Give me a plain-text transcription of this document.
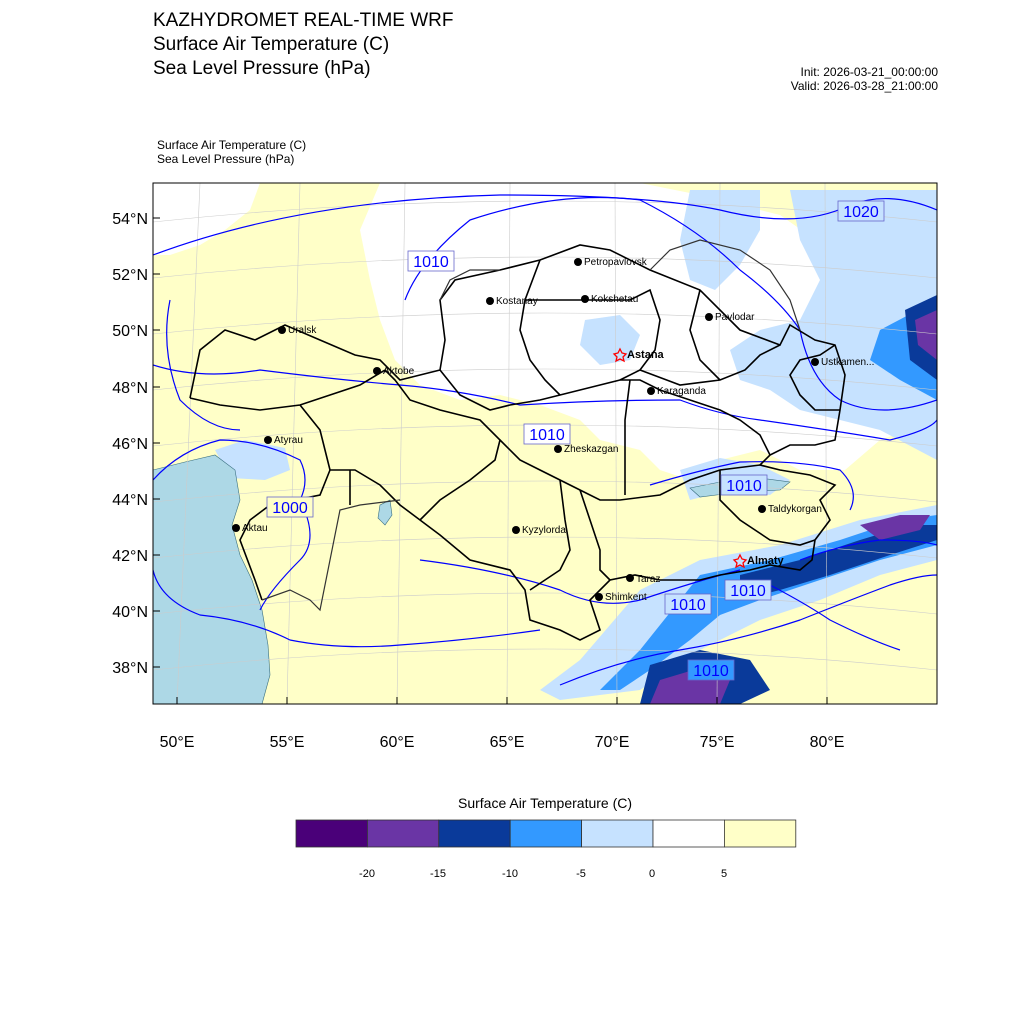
KAZHYDROMET REAL-TIME WRF
Surface Air Temperature (C)
Sea Level Pressure (hPa)	Init: 2026-03-21_00:00:00
Valid: 2026-03-28_21:00:00
Surface Air Temperature (C)
Sea Level Pressure (hPa)
54°N
52°N
50°N
48°N
46°N
44°N
42°N
40°N
38°N
50°E	55°E	60°E	65°E	70°E	75°E	80°E
1020
1010
1010
1000
1010
1010
1010
1010
Petropavlovsk
Kostanay	Kokshetau
Pavlodar
Uralsk
Astana
Aktobe
Ustkamen...
Karaganda
Atyrau
Zheskazgan
Aktau	Kyzylorda
Taldykorgan
Almaty
Taraz
Shimkent
Surface Air Temperature (C)
-20	-15	-10	-5	0	5
